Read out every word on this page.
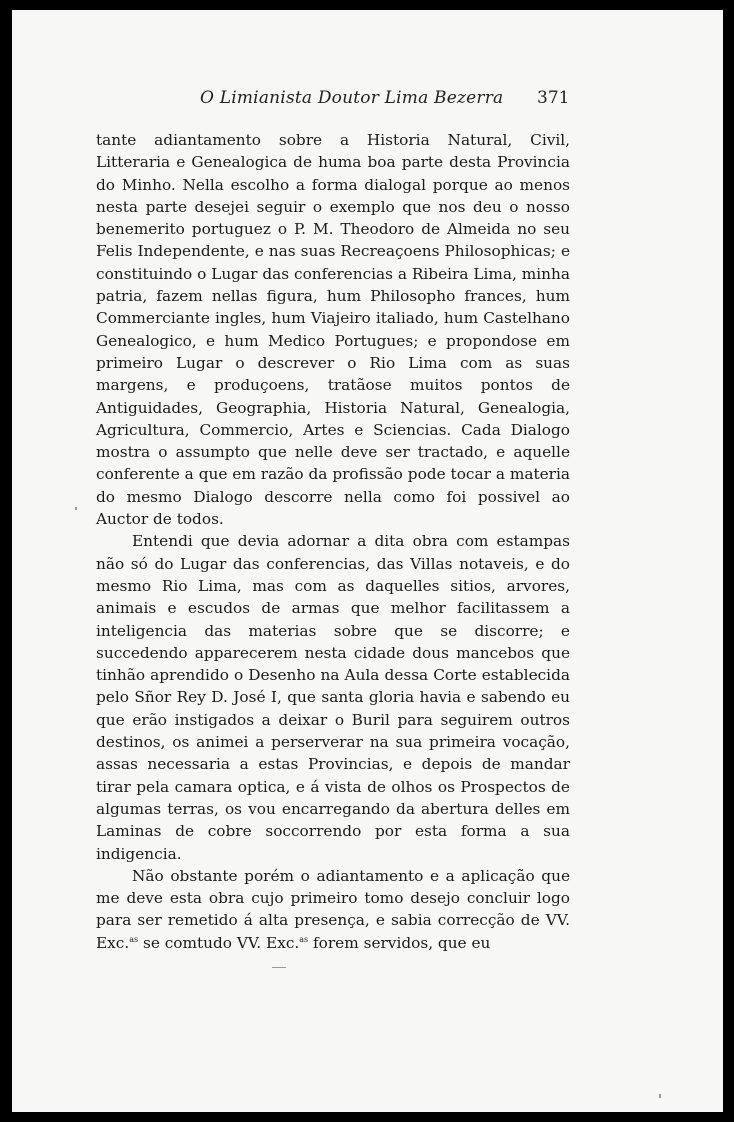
O Limianista Doutor Lima Bezerra 371

tante adiantamento sobre a Historia Natural, Civil, Litteraria e Genealogica de huma boa parte desta Provincia do Minho. Nella escolho a forma dialogal porque ao menos nesta parte desejei seguir o exemplo que nos deu o nosso benemerito portuguez o P. M. Theodoro de Almeida no seu Felis Independente, e nas suas Recreaçoens Philosophicas; e constituindo o Lugar das conferencias a Ribeira Lima, minha patria, fazem nellas figura, hum Philosopho frances, hum Commerciante ingles, hum Viajeiro italiado, hum Castelhano Genealogico, e hum Medico Portugues; e propondose em primeiro Lugar o descrever o Rio Lima com as suas margens, e produçoens, tratãose muitos pontos de Antiguidades, Geographia, Historia Natural, Genealogia, Agricultura, Commercio, Artes e Sciencias. Cada Dialogo mostra o assumpto que nelle deve ser tractado, e aquelle conferente a que em razão da profissão pode tocar a materia do mesmo Dialogo descorre nella como foi possivel ao Auctor de todos.

Entendi que devia adornar a dita obra com estampas não só do Lugar das conferencias, das Villas notaveis, e do mesmo Rio Lima, mas com as daquelles sitios, arvores, animais e escudos de armas que melhor facilitassem a inteligencia das materias sobre que se discorre; e succedendo apparecerem nesta cidade dous mancebos que tinhão aprendido o Desenho na Aula dessa Corte establecida pelo Sñor Rey D. José I, que santa gloria havia e sabendo eu que erão instigados a deixar o Buril para seguirem outros destinos, os animei a perserverar na sua primeira vocação, assas necessaria a estas Provincias, e depois de mandar tirar pela camara optica, e á vista de olhos os Prospectos de algumas terras, os vou encarregando da abertura delles em Laminas de cobre soccorrendo por esta forma a sua indigencia.

Não obstante porém o adiantamento e a aplicação que me deve esta obra cujo primeiro tomo desejo concluir logo para ser remetido á alta presença, e sabia correcção de VV. Exc.$^{as}$ se comtudo VV. Exc.$^{as}$ forem servidos, que eu
